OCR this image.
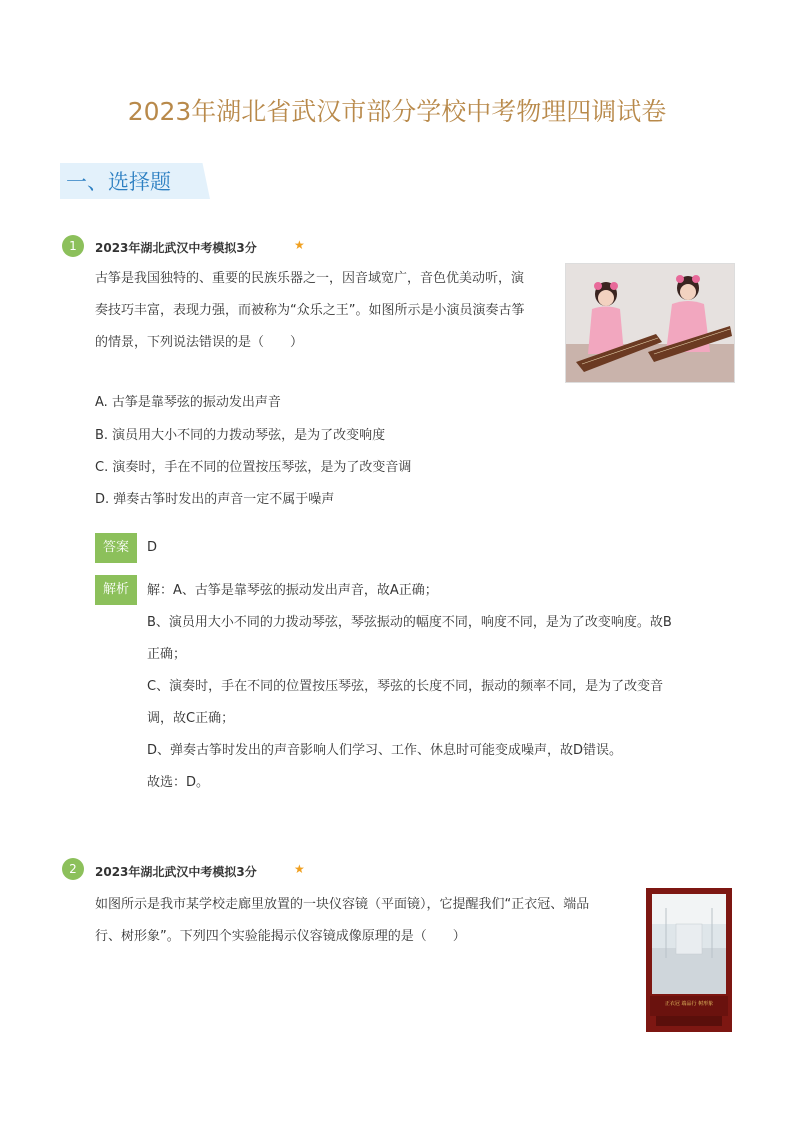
2023年湖北省武汉市部分学校中考物理四调试卷
一、选择题
1	2023年湖北武汉中考模拟3分	★
古筝是我国独特的、重要的民族乐器之一，因音域宽广，音色优美动听，演
奏技巧丰富，表现力强，而被称为“众乐之王”。如图所示是小演员演奏古筝
的情景，下列说法错误的是（　　）
A. 古筝是靠琴弦的振动发出声音
B. 演员用大小不同的力拨动琴弦，是为了改变响度
C. 演奏时，手在不同的位置按压琴弦，是为了改变音调
D. 弹奏古筝时发出的声音一定不属于噪声
答案	D
解析	解：A、古筝是靠琴弦的振动发出声音，故A正确；
B、演员用大小不同的力拨动琴弦，琴弦振动的幅度不同，响度不同，是为了改变响度。故B
正确；
C、演奏时，手在不同的位置按压琴弦，琴弦的长度不同，振动的频率不同，是为了改变音
调，故C正确；
D、弹奏古筝时发出的声音影响人们学习、工作、休息时可能变成噪声，故D错误。
故选：D。
2	2023年湖北武汉中考模拟3分	★
如图所示是我市某学校走廊里放置的一块仪容镜（平面镜），它提醒我们“正衣冠、端品
行、树形象”。下列四个实验能揭示仪容镜成像原理的是（　　）
正衣冠 端品行 树形象
